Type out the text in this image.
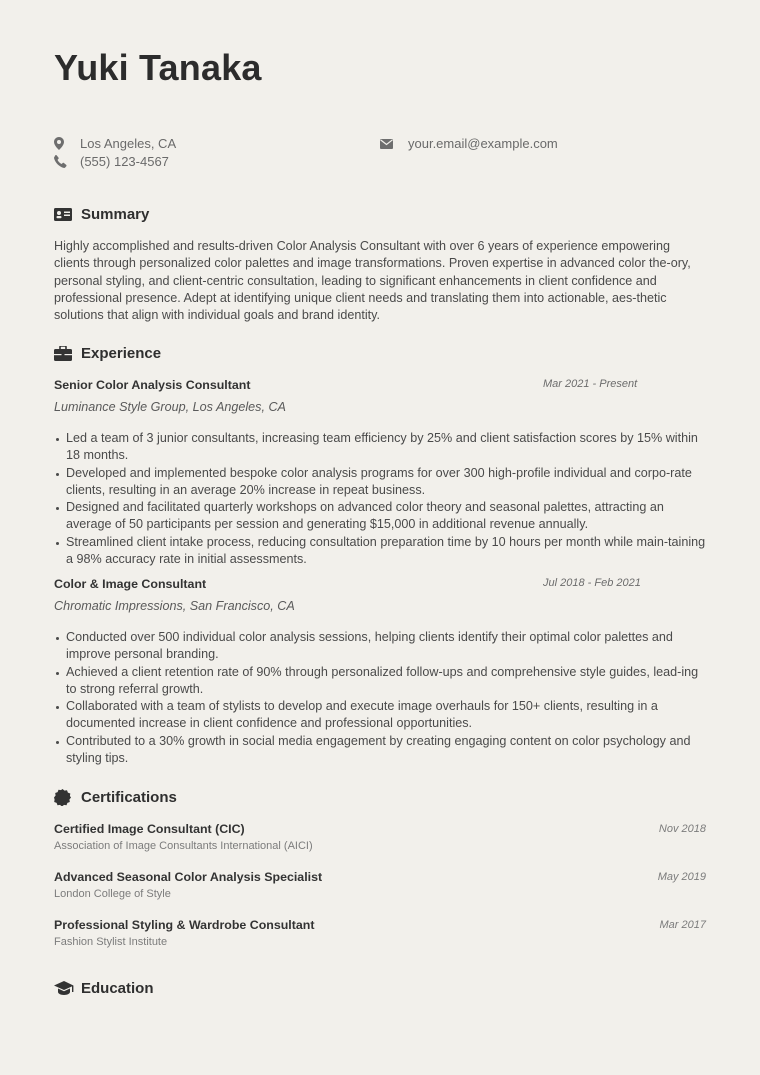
Yuki Tanaka
Los Angeles, CA
(555) 123-4567
your.email@example.com
Summary

Highly accomplished and results-driven Color Analysis Consultant with over 6 years of experience empowering clients through personalized color palettes and image transformations. Proven expertise in advanced color the-ory, personal styling, and client-centric consultation, leading to significant enhancements in client confidence and professional presence. Adept at identifying unique client needs and translating them into actionable, aes-thetic solutions that align with individual goals and brand identity.

Experience
Senior Color Analysis Consultant	Mar 2021 - Present
Luminance Style Group, Los Angeles, CA
Led a team of 3 junior consultants, increasing team efficiency by 25% and client satisfaction scores by 15% within 18 months.
Developed and implemented bespoke color analysis programs for over 300 high-profile individual and corpo-rate clients, resulting in an average 20% increase in repeat business.
Designed and facilitated quarterly workshops on advanced color theory and seasonal palettes, attracting an average of 50 participants per session and generating $15,000 in additional revenue annually.
Streamlined client intake process, reducing consultation preparation time by 10 hours per month while main-taining a 98% accuracy rate in initial assessments.
Color & Image Consultant	Jul 2018 - Feb 2021
Chromatic Impressions, San Francisco, CA
Conducted over 500 individual color analysis sessions, helping clients identify their optimal color palettes and improve personal branding.
Achieved a client retention rate of 90% through personalized follow-ups and comprehensive style guides, lead-ing to strong referral growth.
Collaborated with a team of stylists to develop and execute image overhauls for 150+ clients, resulting in a documented increase in client confidence and professional opportunities.
Contributed to a 30% growth in social media engagement by creating engaging content on color psychology and styling tips.
Certifications
Certified Image Consultant (CIC)	Nov 2018
Association of Image Consultants International (AICI)
Advanced Seasonal Color Analysis Specialist	May 2019
London College of Style
Professional Styling & Wardrobe Consultant	Mar 2017
Fashion Stylist Institute
Education
